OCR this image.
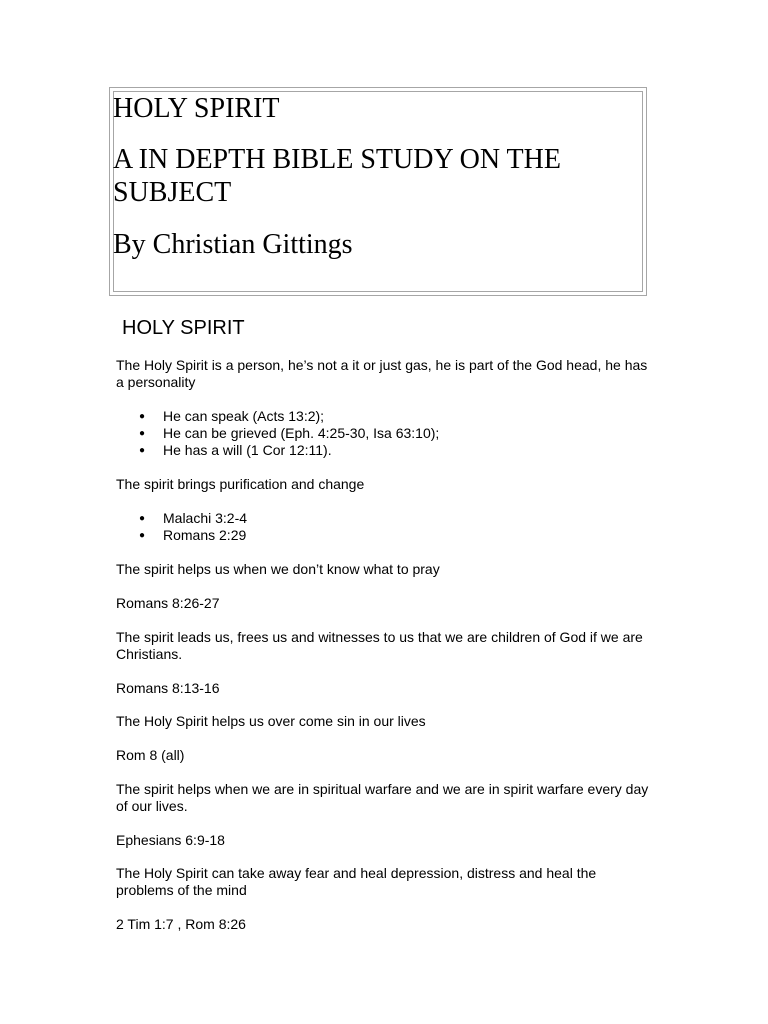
HOLY SPIRIT
A IN DEPTH BIBLE STUDY ON THE
SUBJECT
By Christian Gittings
HOLY SPIRIT

The Holy Spirit is a person, he’s not a it or just gas, he is part of the God head, he has a personality

● He can speak (Acts 13:2);
● He can be grieved (Eph. 4:25-30, Isa 63:10);
● He has a will (1 Cor 12:11).

The spirit brings purification and change

● Malachi 3:2-4
● Romans 2:29

The spirit helps us when we don’t know what to pray

Romans 8:26-27

The spirit leads us, frees us and witnesses to us that we are children of God if we are Christians.

Romans 8:13-16

The Holy Spirit helps us over come sin in our lives

Rom 8 (all)

The spirit helps when we are in spiritual warfare and we are in spirit warfare every day of our lives.

Ephesians 6:9-18

The Holy Spirit can take away fear and heal depression, distress and heal the problems of the mind

2 Tim 1:7 , Rom 8:26
